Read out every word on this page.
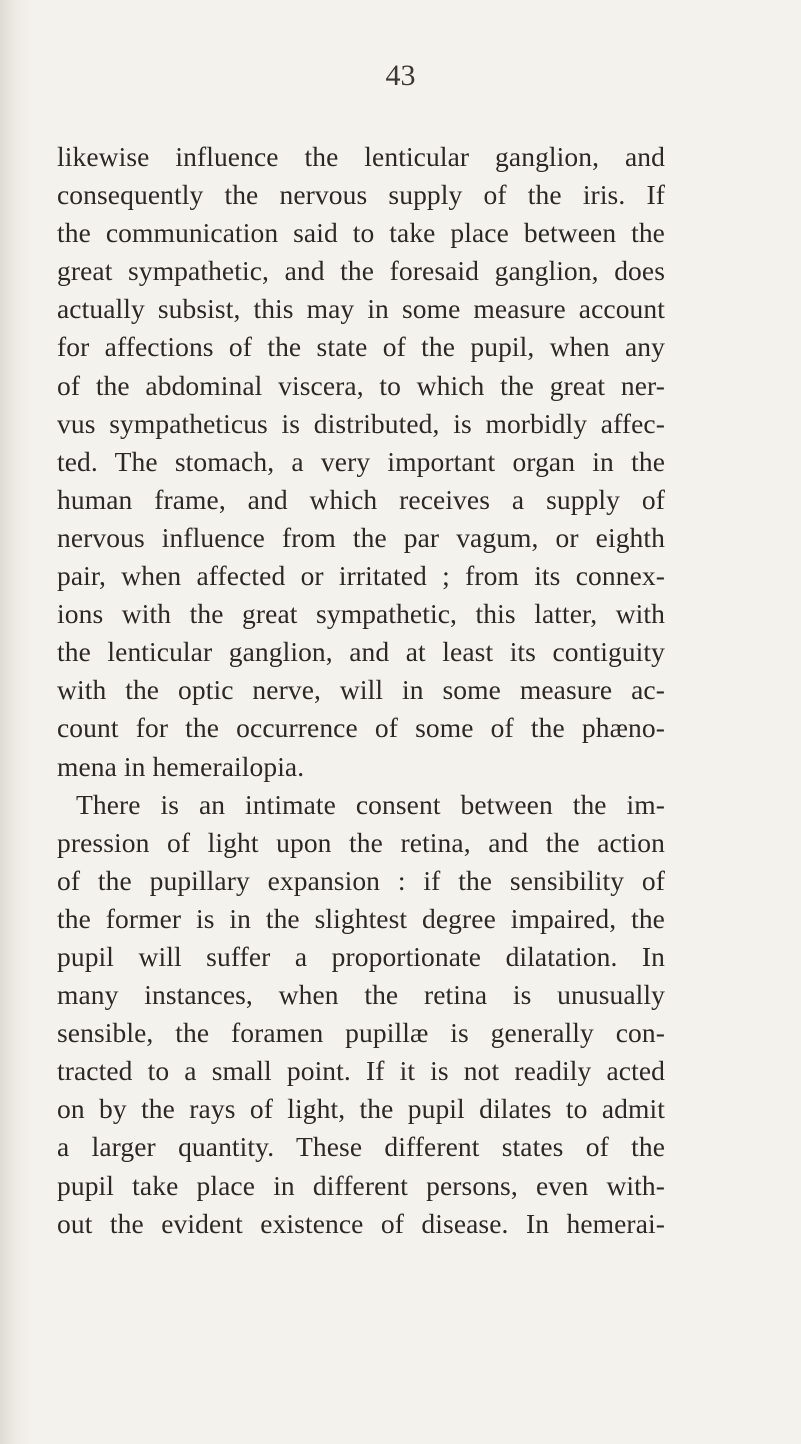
43

likewise influence the lenticular ganglion, and
consequently the nervous supply of the iris. If
the communication said to take place between the
great sympathetic, and the foresaid ganglion, does
actually subsist, this may in some measure account
for affections of the state of the pupil, when any
of the abdominal viscera, to which the great ner-
vus sympatheticus is distributed, is morbidly affec-
ted. The stomach, a very important organ in the
human frame, and which receives a supply of
nervous influence from the par vagum, or eighth
pair, when affected or irritated ; from its connex-
ions with the great sympathetic, this latter, with
the lenticular ganglion, and at least its contiguity
with the optic nerve, will in some measure ac-
count for the occurrence of some of the phæno-
mena in hemerailopia.
There is an intimate consent between the im-
pression of light upon the retina, and the action
of the pupillary expansion : if the sensibility of
the former is in the slightest degree impaired, the
pupil will suffer a proportionate dilatation. In
many instances, when the retina is unusually
sensible, the foramen pupillæ is generally con-
tracted to a small point. If it is not readily acted
on by the rays of light, the pupil dilates to admit
a larger quantity. These different states of the
pupil take place in different persons, even with-
out the evident existence of disease. In hemerai-
